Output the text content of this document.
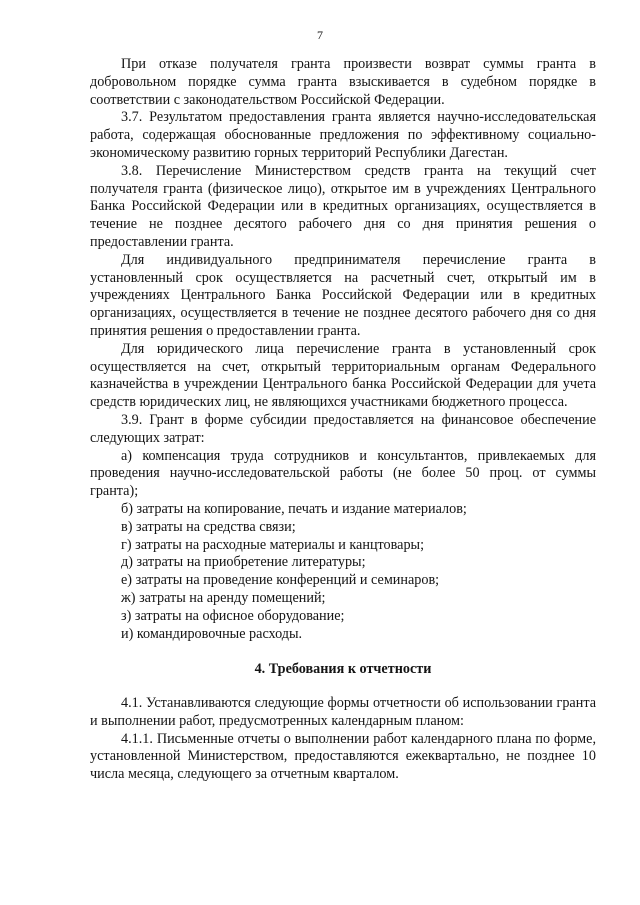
7

При отказе получателя гранта произвести возврат суммы гранта в добровольном порядке сумма гранта взыскивается в судебном порядке в соответствии с законодательством Российской Федерации.

3.7. Результатом предоставления гранта является научно-исследовательская работа, содержащая обоснованные предложения по эффективному социально-экономическому развитию горных территорий Республики Дагестан.

3.8. Перечисление Министерством средств гранта на текущий счет получателя гранта (физическое лицо), открытое им в учреждениях Центрального Банка Российской Федерации или в кредитных организациях, осуществляется в течение не позднее десятого рабочего дня со дня принятия решения о предоставлении гранта.

Для индивидуального предпринимателя перечисление гранта в установленный срок осуществляется на расчетный счет, открытый им в учреждениях Центрального Банка Российской Федерации или в кредитных организациях, осуществляется в течение не позднее десятого рабочего дня со дня принятия решения о предоставлении гранта.

Для юридического лица перечисление гранта в установленный срок осуществляется на счет, открытый территориальным органам Федерального казначейства в учреждении Центрального банка Российской Федерации для учета средств юридических лиц, не являющихся участниками бюджетного процесса.

3.9. Грант в форме субсидии предоставляется на финансовое обеспечение следующих затрат:

а) компенсация труда сотрудников и консультантов, привлекаемых для проведения научно-исследовательской работы (не более 50 проц. от суммы гранта);

б) затраты на копирование, печать и издание материалов;

в) затраты на средства связи;

г) затраты на расходные материалы и канцтовары;

д) затраты на приобретение литературы;

е) затраты на проведение конференций и семинаров;

ж) затраты на аренду помещений;

з) затраты на офисное оборудование;

и) командировочные расходы.

4. Требования к отчетности

4.1. Устанавливаются следующие формы отчетности об использовании гранта и выполнении работ, предусмотренных календарным планом:

4.1.1. Письменные отчеты о выполнении работ календарного плана по форме, установленной Министерством, предоставляются ежеквартально, не позднее 10 числа месяца, следующего за отчетным кварталом.
